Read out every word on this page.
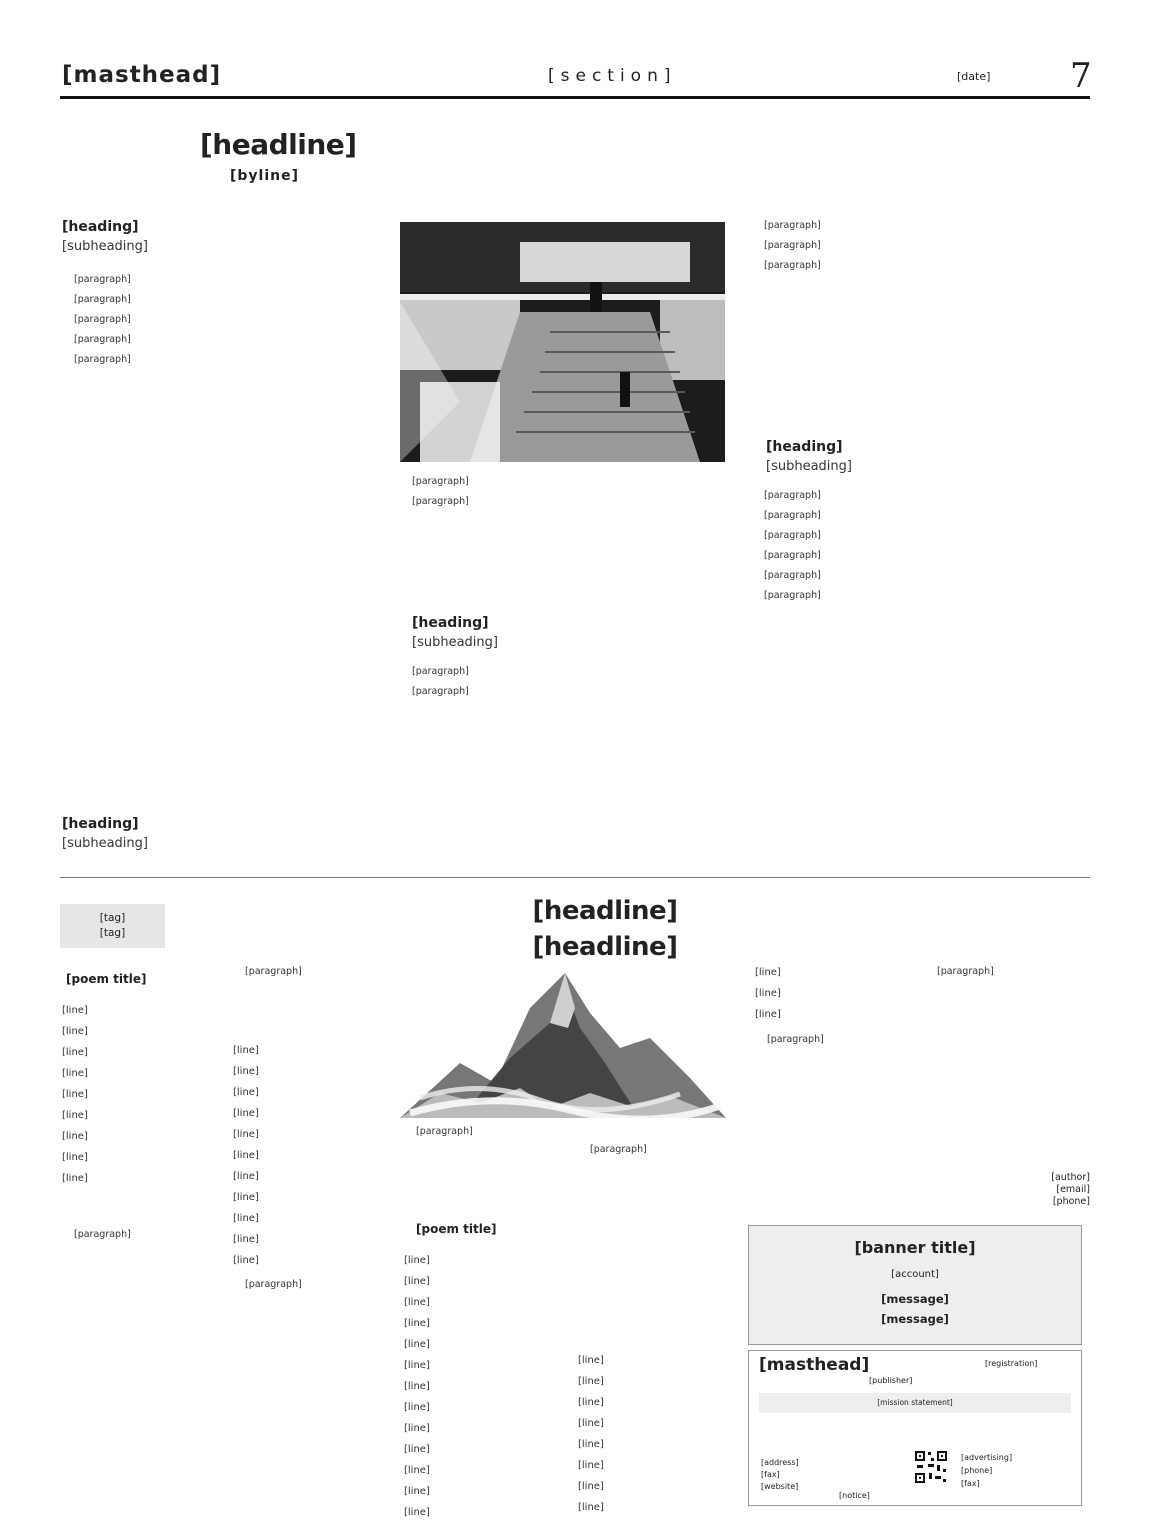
[masthead]	[section]	[date] 7
[headline]
[byline]
[heading]
[subheading]

[paragraph]

[paragraph]

[paragraph]

[paragraph]

[paragraph]

[heading]
[subheading]

[paragraph]

[paragraph]

[heading]
[subheading]

[paragraph]

[paragraph]

[paragraph]

[paragraph]

[paragraph]

[heading]
[subheading]

[paragraph]

[paragraph]

[paragraph]

[paragraph]

[paragraph]

[paragraph]

[tag]
[tag]
[headline]
[headline]
[poem title]
[line]
[line]
[line]
[line]
[line]
[line]
[line]
[line]
[line]

[paragraph]

[paragraph]

[line]
[line]
[line]
[line]
[line]
[line]
[line]
[line]
[line]
[line]
[line]

[paragraph]

[paragraph]

[poem title]
[line]
[line]
[line]
[line]
[line]
[line]
[line]
[line]
[line]
[line]
[line]
[line]
[line]

[paragraph]

[line]
[line]
[line]
[line]
[line]
[line]
[line]
[line]
[line]
[line]
[line]

[paragraph]

[paragraph]

[author]
[email]
[phone]
[banner title]
[account]
[message]
[message]
[masthead]	[registration]
[publisher]
[mission statement]
[address]
[fax]
[website]
[advertising]
[phone]
[fax]
[notice]
